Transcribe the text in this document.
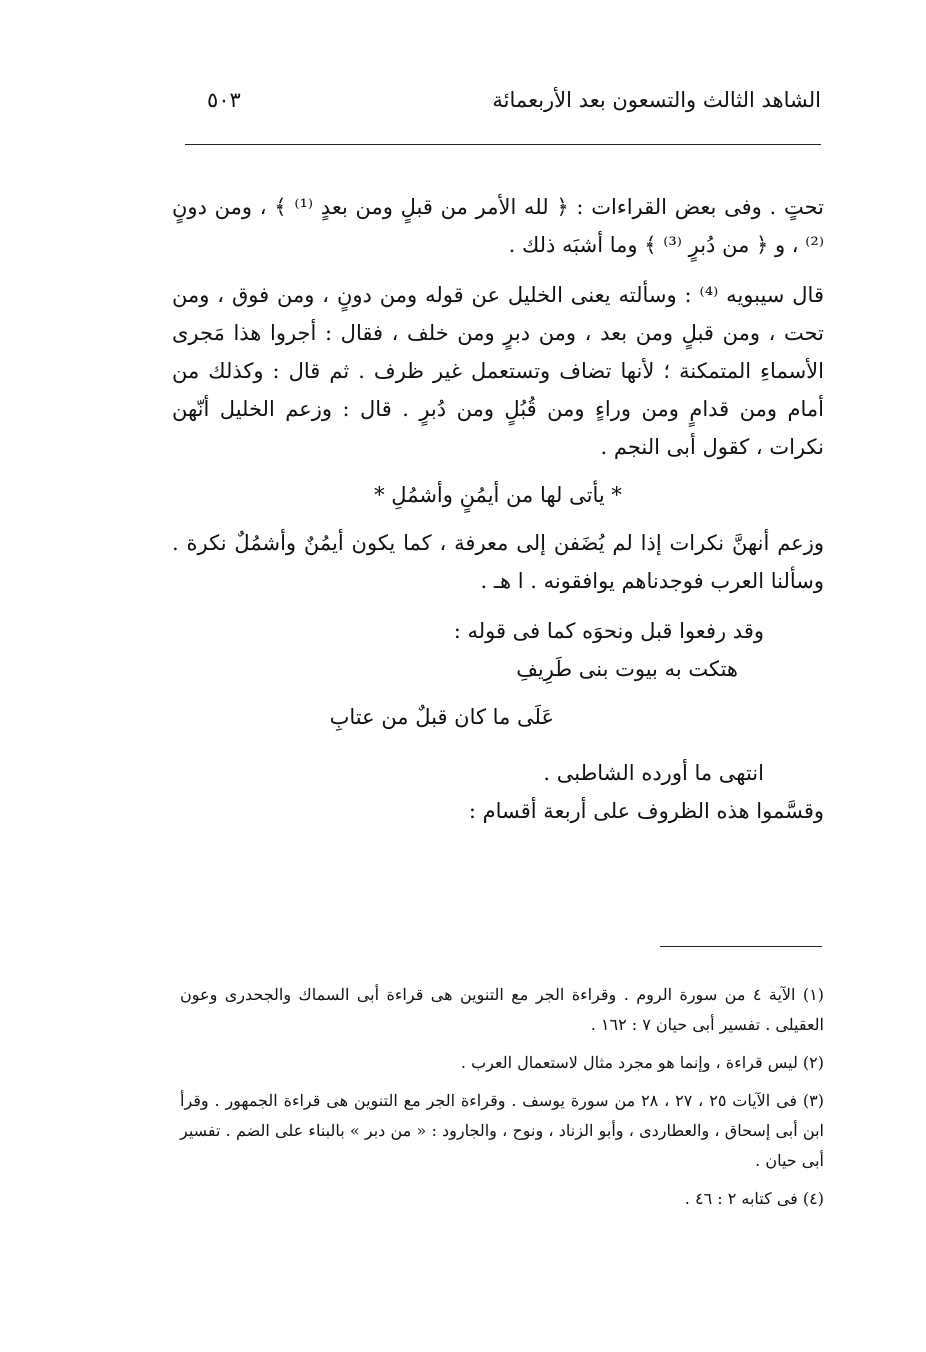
الشاهد الثالث والتسعون بعد الأربعمائة
٥٠٣

تحتٍ . وفى بعض القراءات : ﴿ لله الأمر من قبلٍ ومن بعدٍ ⁽¹⁾ ﴾ ، ومن دونٍ ⁽²⁾ ، و ﴿ من دُبرٍ ⁽³⁾ ﴾ وما أشبَه ذلك .

قال سيبويه ⁽⁴⁾ : وسألته يعنى الخليل عن قوله ومن دونٍ ، ومن فوق ، ومن تحت ، ومن قبلٍ ومن بعد ، ومن دبرٍ ومن خلف ، فقال : أجروا هذا مَجرى الأسماءِ المتمكنة ؛ لأنها تضاف وتستعمل غير ظرف . ثم قال : وكذلك من أمام ومن قدامٍ ومن وراءٍ ومن قُبُلٍ ومن دُبرٍ . قال : وزعم الخليل أنّهن نكرات ، كقول أبى النجم .

* يأتى لها من أيمُنٍ وأشمُلِ *

وزعم أنهنَّ نكرات إذا لم يُضَفن إلى معرفة ، كما يكون أيمُنٌ وأشمُلٌ نكرة . وسألنا العرب فوجدناهم يوافقونه . ا هـ .

وقد رفعوا قبل ونحوَه كما فى قوله :

هتكت به بيوت بنى طَرِيفِ

عَلَى ما كان قبلٌ من عتابِ

انتهى ما أورده الشاطبى .

وقسَّموا هذه الظروف على أربعة أقسام :

(١) الآية ٤ من سورة الروم . وقراءة الجر مع التنوين هى قراءة أبى السماك والجحدرى وعون العقيلى . تفسير أبى حيان ٧ : ١٦٢ .

(٢) ليس قراءة ، وإنما هو مجرد مثال لاستعمال العرب .

(٣) فى الآيات ٢٥ ، ٢٧ ، ٢٨ من سورة يوسف . وقراءة الجر مع التنوين هى قراءة الجمهور . وقرأ ابن أبى إسحاق ، والعطاردى ، وأبو الزناد ، ونوح ، والجارود : « من دبر » بالبناء على الضم . تفسير أبى حيان .

(٤) فى كتابه ٢ : ٤٦ .
